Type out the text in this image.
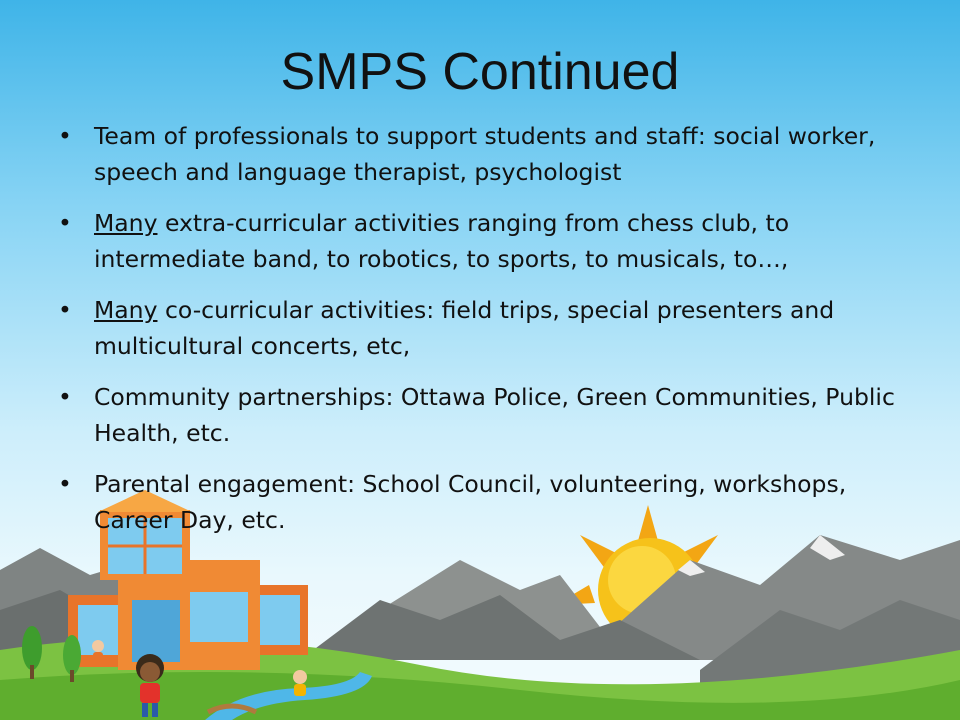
SMPS Continued
• Team of professionals to support students and staff: social worker, speech and language therapist, psychologist
• Many extra-curricular activities ranging from chess club, to intermediate band, to robotics, to sports, to musicals, to…,
• Many co-curricular activities: field trips, special presenters and multicultural concerts, etc,
• Community partnerships: Ottawa Police, Green Communities, Public Health, etc.
• Parental engagement: School Council, volunteering, workshops, Career Day, etc.
